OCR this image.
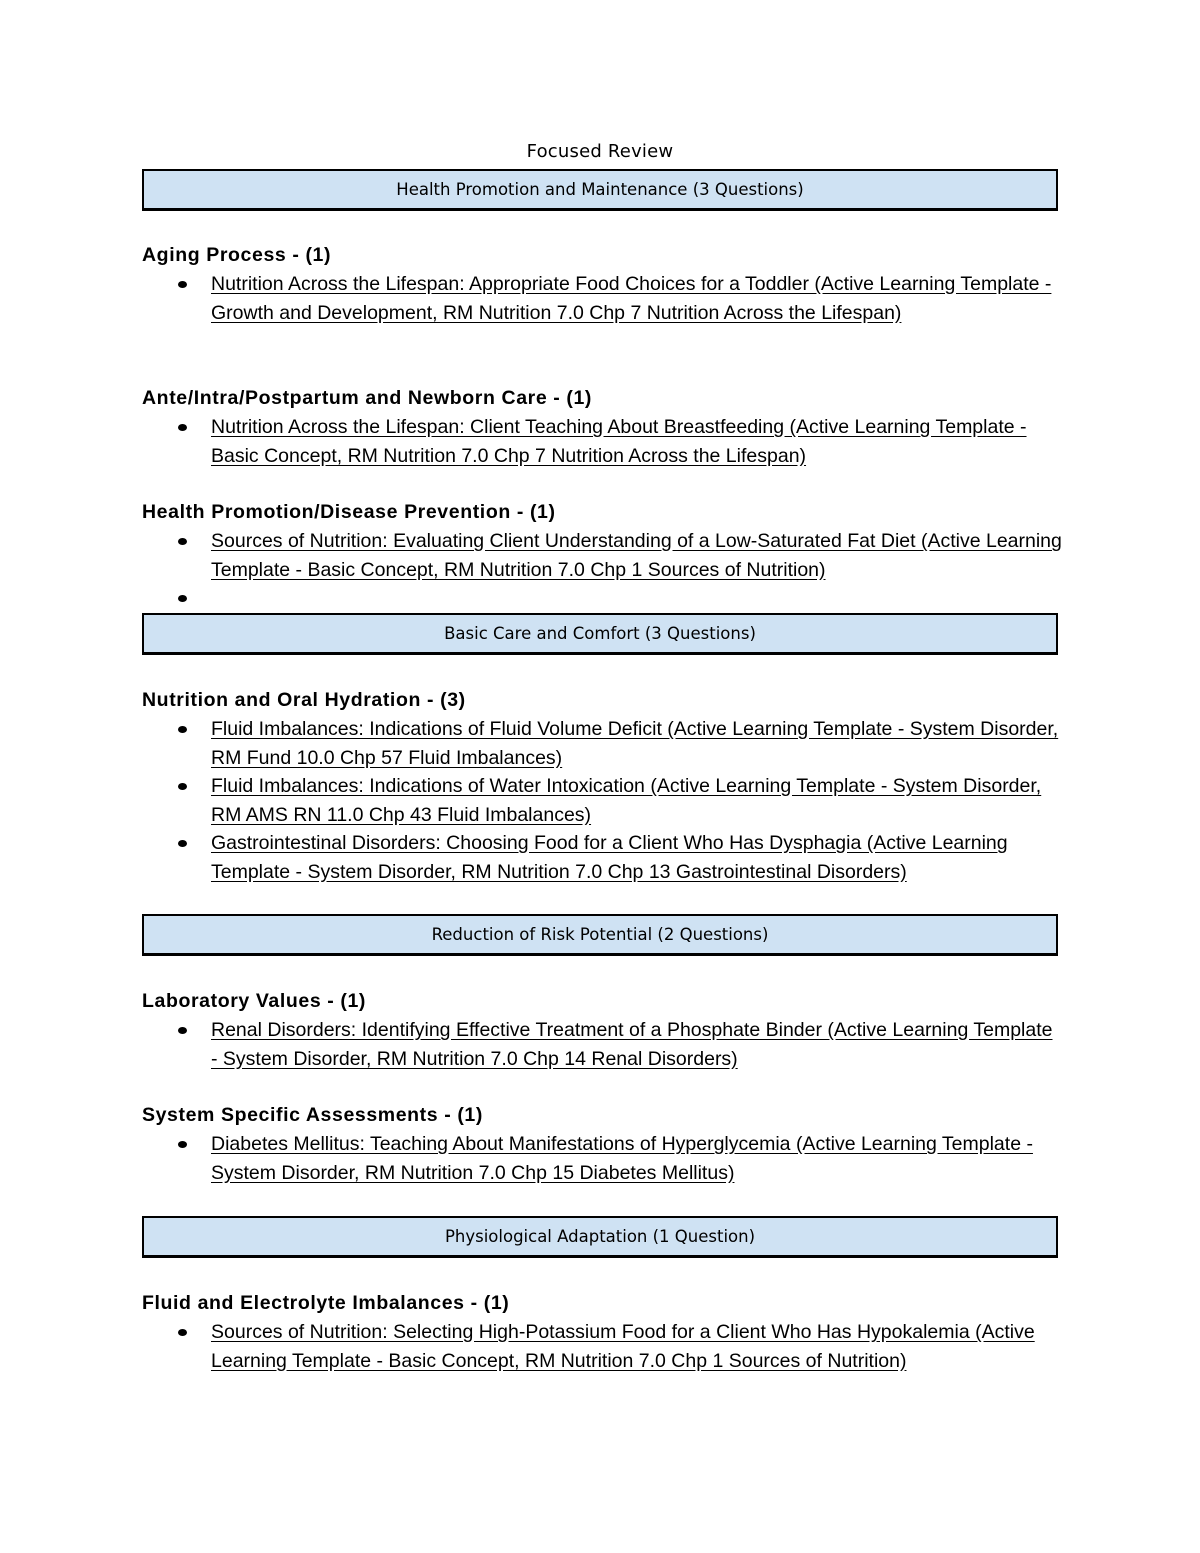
Focused Review
Health Promotion and Maintenance (3 Questions)
Aging Process - (1)
Nutrition Across the Lifespan: Appropriate Food Choices for a Toddler (Active Learning Template - Growth and Development, RM Nutrition 7.0 Chp 7 Nutrition Across the Lifespan)
Ante/Intra/Postpartum and Newborn Care - (1)
Nutrition Across the Lifespan: Client Teaching About Breastfeeding (Active Learning Template - Basic Concept, RM Nutrition 7.0 Chp 7 Nutrition Across the Lifespan)
Health Promotion/Disease Prevention - (1)
Sources of Nutrition: Evaluating Client Understanding of a Low-Saturated Fat Diet (Active Learning Template - Basic Concept, RM Nutrition 7.0 Chp 1 Sources of Nutrition)
Basic Care and Comfort (3 Questions)
Nutrition and Oral Hydration - (3)
Fluid Imbalances: Indications of Fluid Volume Deficit (Active Learning Template - System Disorder, RM Fund 10.0 Chp 57 Fluid Imbalances)
Fluid Imbalances: Indications of Water Intoxication (Active Learning Template - System Disorder, RM AMS RN 11.0 Chp 43 Fluid Imbalances)
Gastrointestinal Disorders: Choosing Food for a Client Who Has Dysphagia (Active Learning Template - System Disorder, RM Nutrition 7.0 Chp 13 Gastrointestinal Disorders)
Reduction of Risk Potential (2 Questions)
Laboratory Values - (1)
Renal Disorders: Identifying Effective Treatment of a Phosphate Binder (Active Learning Template - System Disorder, RM Nutrition 7.0 Chp 14 Renal Disorders)
System Specific Assessments - (1)
Diabetes Mellitus: Teaching About Manifestations of Hyperglycemia (Active Learning Template - System Disorder, RM Nutrition 7.0 Chp 15 Diabetes Mellitus)
Physiological Adaptation (1 Question)
Fluid and Electrolyte Imbalances - (1)
Sources of Nutrition: Selecting High-Potassium Food for a Client Who Has Hypokalemia (Active Learning Template - Basic Concept, RM Nutrition 7.0 Chp 1 Sources of Nutrition)
